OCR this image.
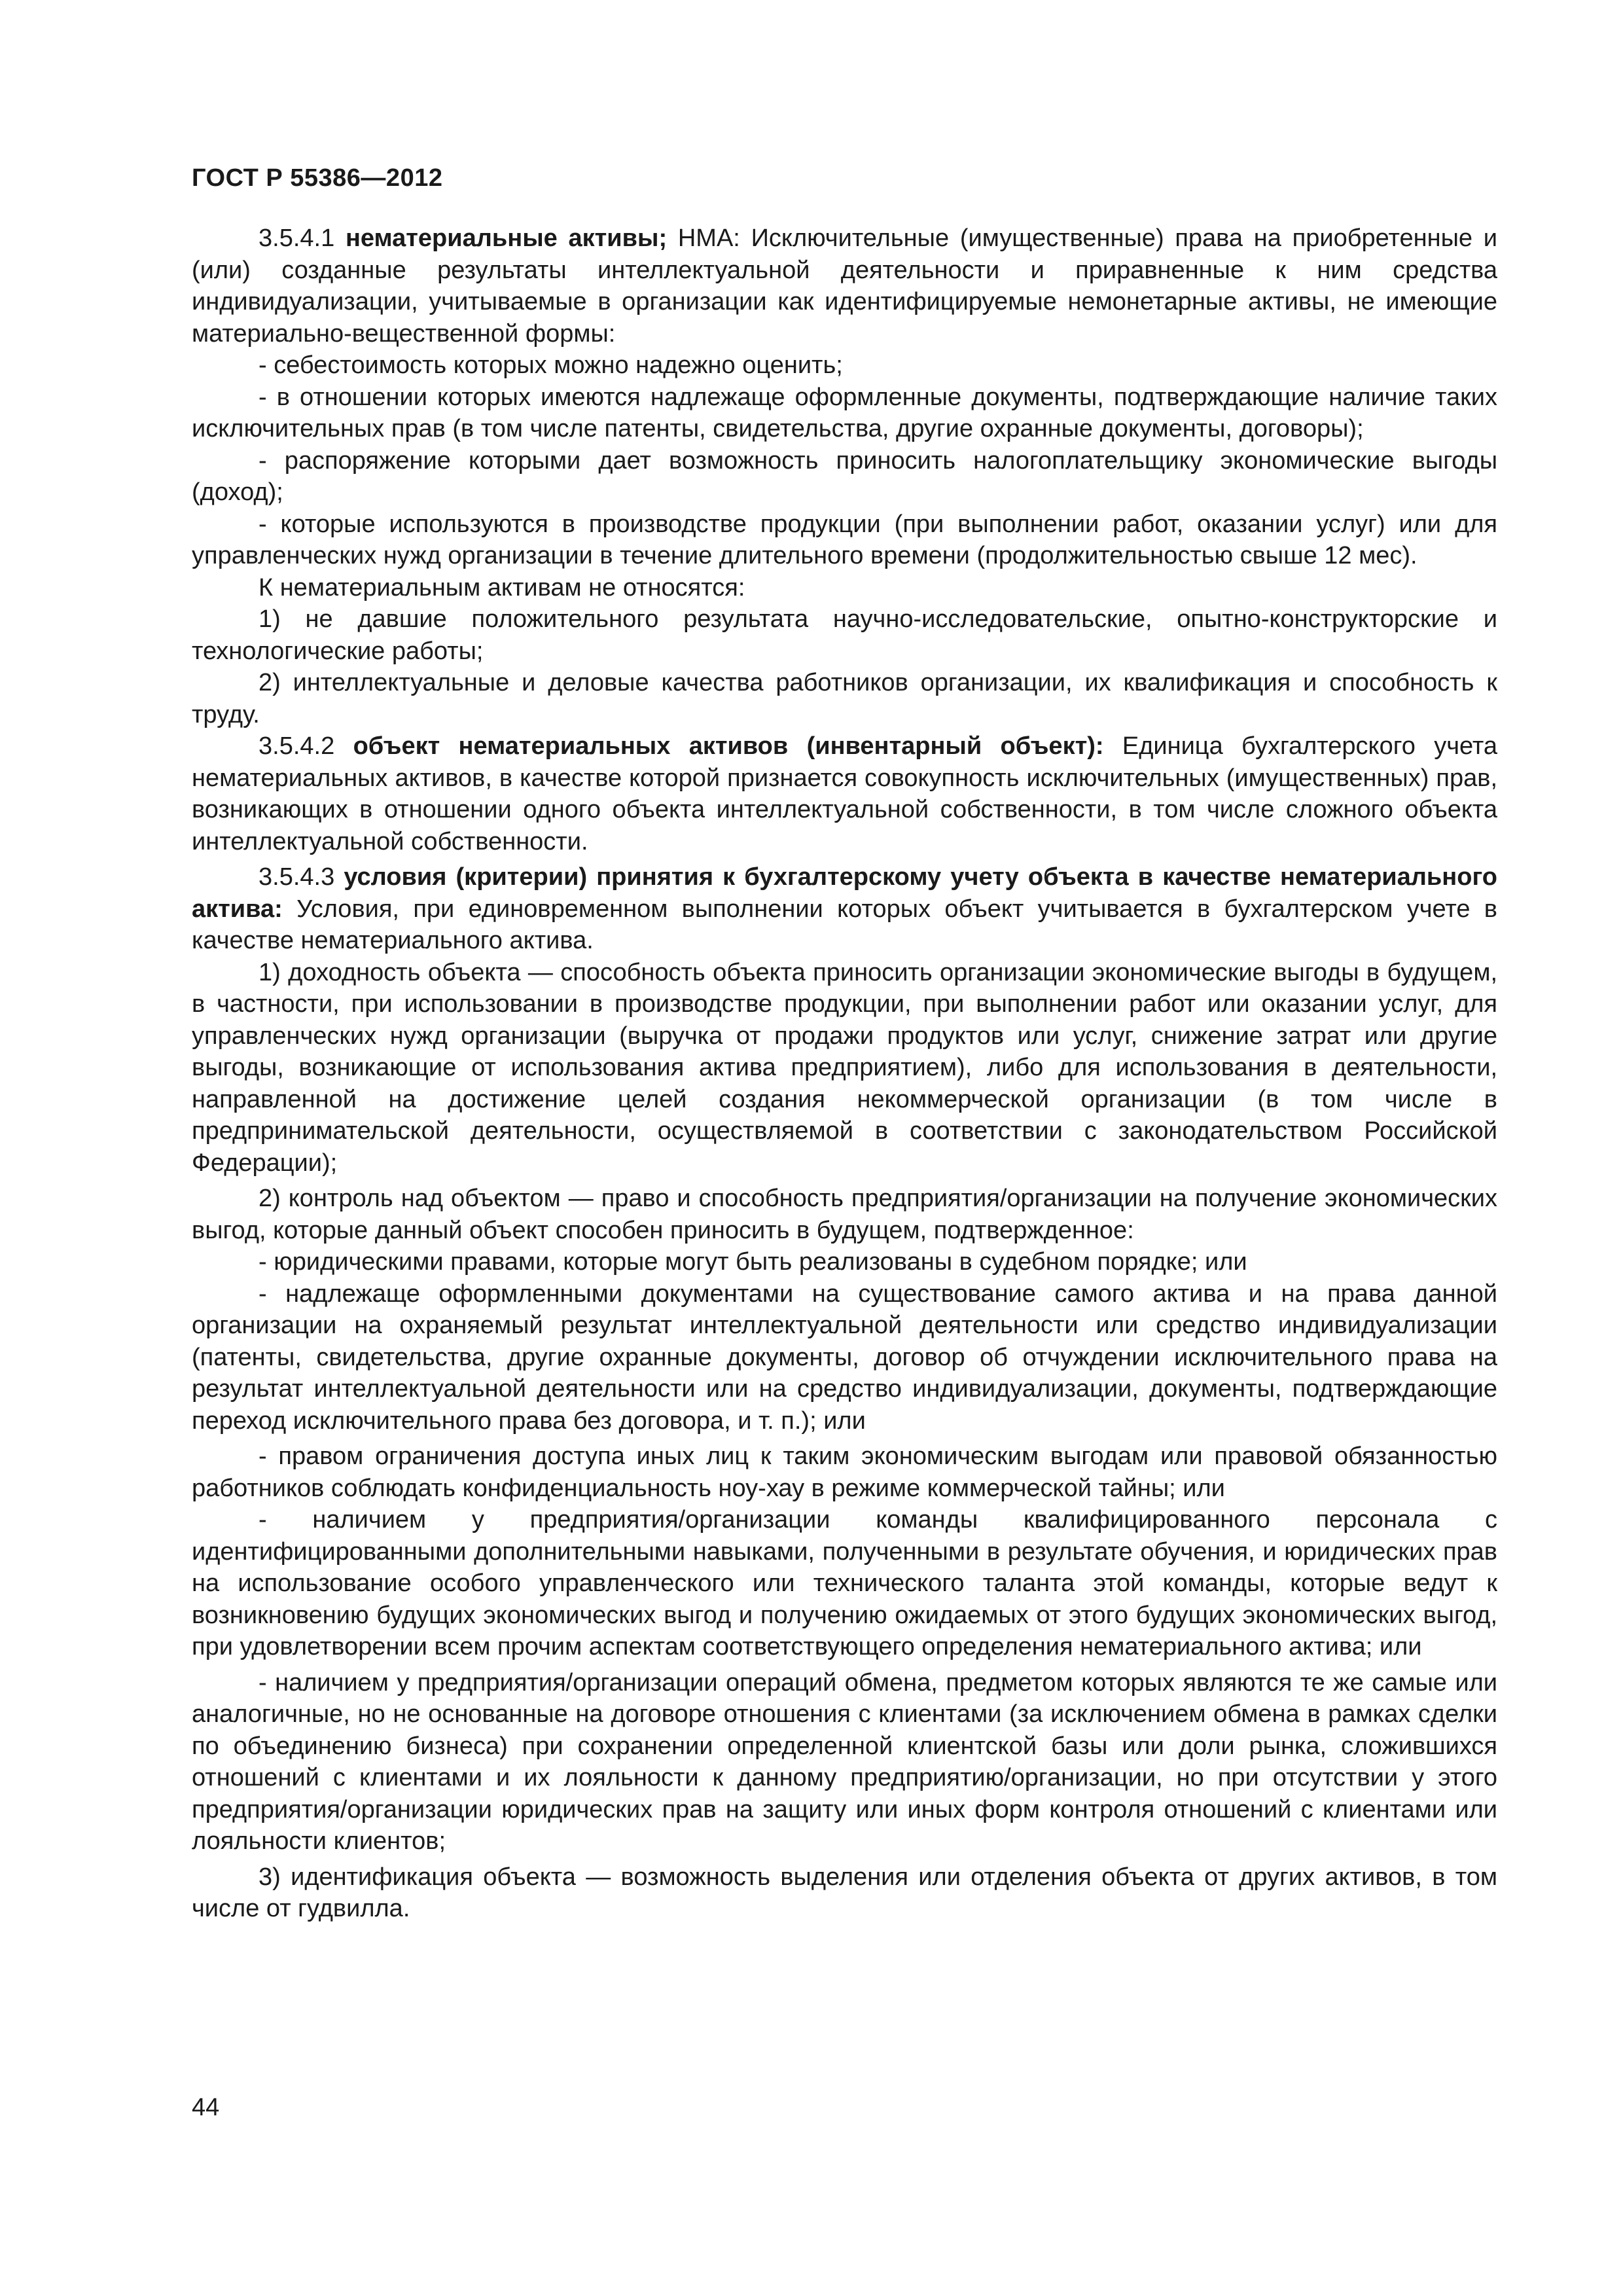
ГОСТ Р 55386—2012

3.5.4.1 нематериальные активы; НМА: Исключительные (имущественные) права на приобретенные и (или) созданные результаты интеллектуальной деятельности и приравненные к ним средства индивидуализации, учитываемые в организации как идентифицируемые немонетарные активы, не имеющие материально-вещественной формы:

- себестоимость которых можно надежно оценить;

- в отношении которых имеются надлежаще оформленные документы, подтверждающие наличие таких исключительных прав (в том числе патенты, свидетельства, другие охранные документы, договоры);

- распоряжение которыми дает возможность приносить налогоплательщику экономические выгоды (доход);

- которые используются в производстве продукции (при выполнении работ, оказании услуг) или для управленческих нужд организации в течение длительного времени (продолжительностью свыше 12 мес).

К нематериальным активам не относятся:

1) не давшие положительного результата научно-исследовательские, опытно-конструкторские и технологические работы;

2) интеллектуальные и деловые качества работников организации, их квалификация и способность к труду.

3.5.4.2 объект нематериальных активов (инвентарный объект): Единица бухгалтерского учета нематериальных активов, в качестве которой признается совокупность исключительных (имущественных) прав, возникающих в отношении одного объекта интеллектуальной собственности, в том числе сложного объекта интеллектуальной собственности.

3.5.4.3 условия (критерии) принятия к бухгалтерскому учету объекта в качестве нематериального актива: Условия, при единовременном выполнении которых объект учитывается в бухгалтерском учете в качестве нематериального актива.

1) доходность объекта — способность объекта приносить организации экономические выгоды в будущем, в частности, при использовании в производстве продукции, при выполнении работ или оказании услуг, для управленческих нужд организации (выручка от продажи продуктов или услуг, снижение затрат или другие выгоды, возникающие от использования актива предприятием), либо для использования в деятельности, направленной на достижение целей создания некоммерческой организации (в том числе в предпринимательской деятельности, осуществляемой в соответствии с законодательством Российской Федерации);

2) контроль над объектом — право и способность предприятия/организации на получение экономических выгод, которые данный объект способен приносить в будущем, подтвержденное:

- юридическими правами, которые могут быть реализованы в судебном порядке; или

- надлежаще оформленными документами на существование самого актива и на права данной организации на охраняемый результат интеллектуальной деятельности или средство индивидуализации (патенты, свидетельства, другие охранные документы, договор об отчуждении исключительного права на результат интеллектуальной деятельности или на средство индивидуализации, документы, подтверждающие переход исключительного права без договора, и т. п.); или

- правом ограничения доступа иных лиц к таким экономическим выгодам или правовой обязанностью работников соблюдать конфиденциальность ноу-хау в режиме коммерческой тайны; или

- наличием у предприятия/организации команды квалифицированного персонала с идентифицированными дополнительными навыками, полученными в результате обучения, и юридических прав на использование особого управленческого или технического таланта этой команды, которые ведут к возникновению будущих экономических выгод и получению ожидаемых от этого будущих экономических выгод, при удовлетворении всем прочим аспектам соответствующего определения нематериального актива; или

- наличием у предприятия/организации операций обмена, предметом которых являются те же самые или аналогичные, но не основанные на договоре отношения с клиентами (за исключением обмена в рамках сделки по объединению бизнеса) при сохранении определенной клиентской базы или доли рынка, сложившихся отношений с клиентами и их лояльности к данному предприятию/организации, но при отсутствии у этого предприятия/организации юридических прав на защиту или иных форм контроля отношений с клиентами или лояльности клиентов;

3) идентификация объекта — возможность выделения или отделения объекта от других активов, в том числе от гудвилла.

44
